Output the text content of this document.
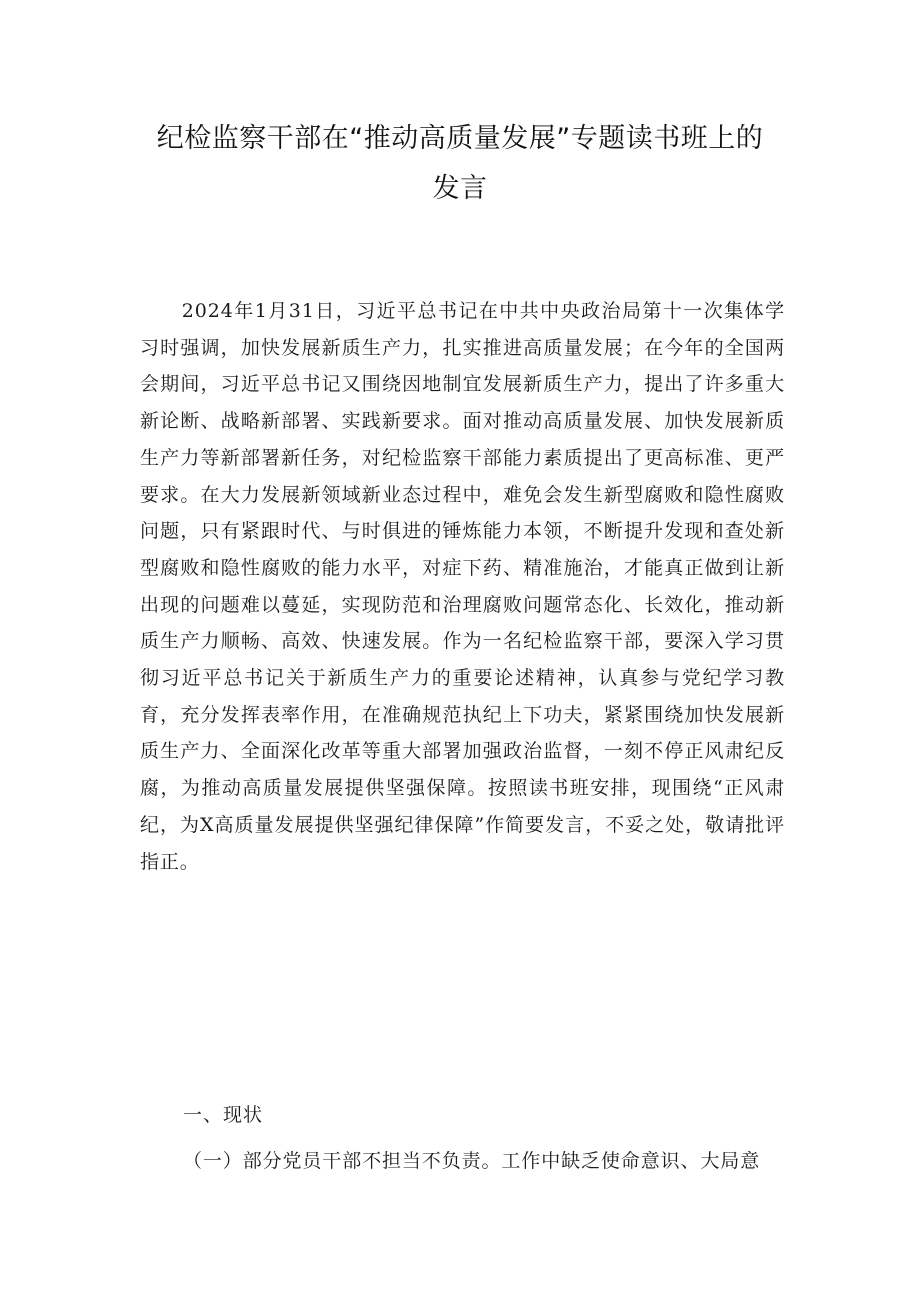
纪检监察干部在“推动高质量发展”专题读书班上的
发言

2024年1月31日，习近平总书记在中共中央政治局第十一次集体学习时强调，加快发展新质生产力，扎实推进高质量发展；在今年的全国两会期间，习近平总书记又围绕因地制宜发展新质生产力，提出了许多重大新论断、战略新部署、实践新要求。面对推动高质量发展、加快发展新质生产力等新部署新任务，对纪检监察干部能力素质提出了更高标准、更严要求。在大力发展新领域新业态过程中，难免会发生新型腐败和隐性腐败问题，只有紧跟时代、与时俱进的锤炼能力本领，不断提升发现和查处新型腐败和隐性腐败的能力水平，对症下药、精准施治，才能真正做到让新出现的问题难以蔓延，实现防范和治理腐败问题常态化、长效化，推动新质生产力顺畅、高效、快速发展。作为一名纪检监察干部，要深入学习贯彻习近平总书记关于新质生产力的重要论述精神，认真参与党纪学习教育，充分发挥表率作用，在准确规范执纪上下功夫，紧紧围绕加快发展新质生产力、全面深化改革等重大部署加强政治监督，一刻不停正风肃纪反腐，为推动高质量发展提供坚强保障。按照读书班安排，现围绕“正风肃纪，为X高质量发展提供坚强纪律保障”作简要发言，不妥之处，敬请批评指正。

一、现状

（一）部分党员干部不担当不负责。工作中缺乏使命意识、大局意
